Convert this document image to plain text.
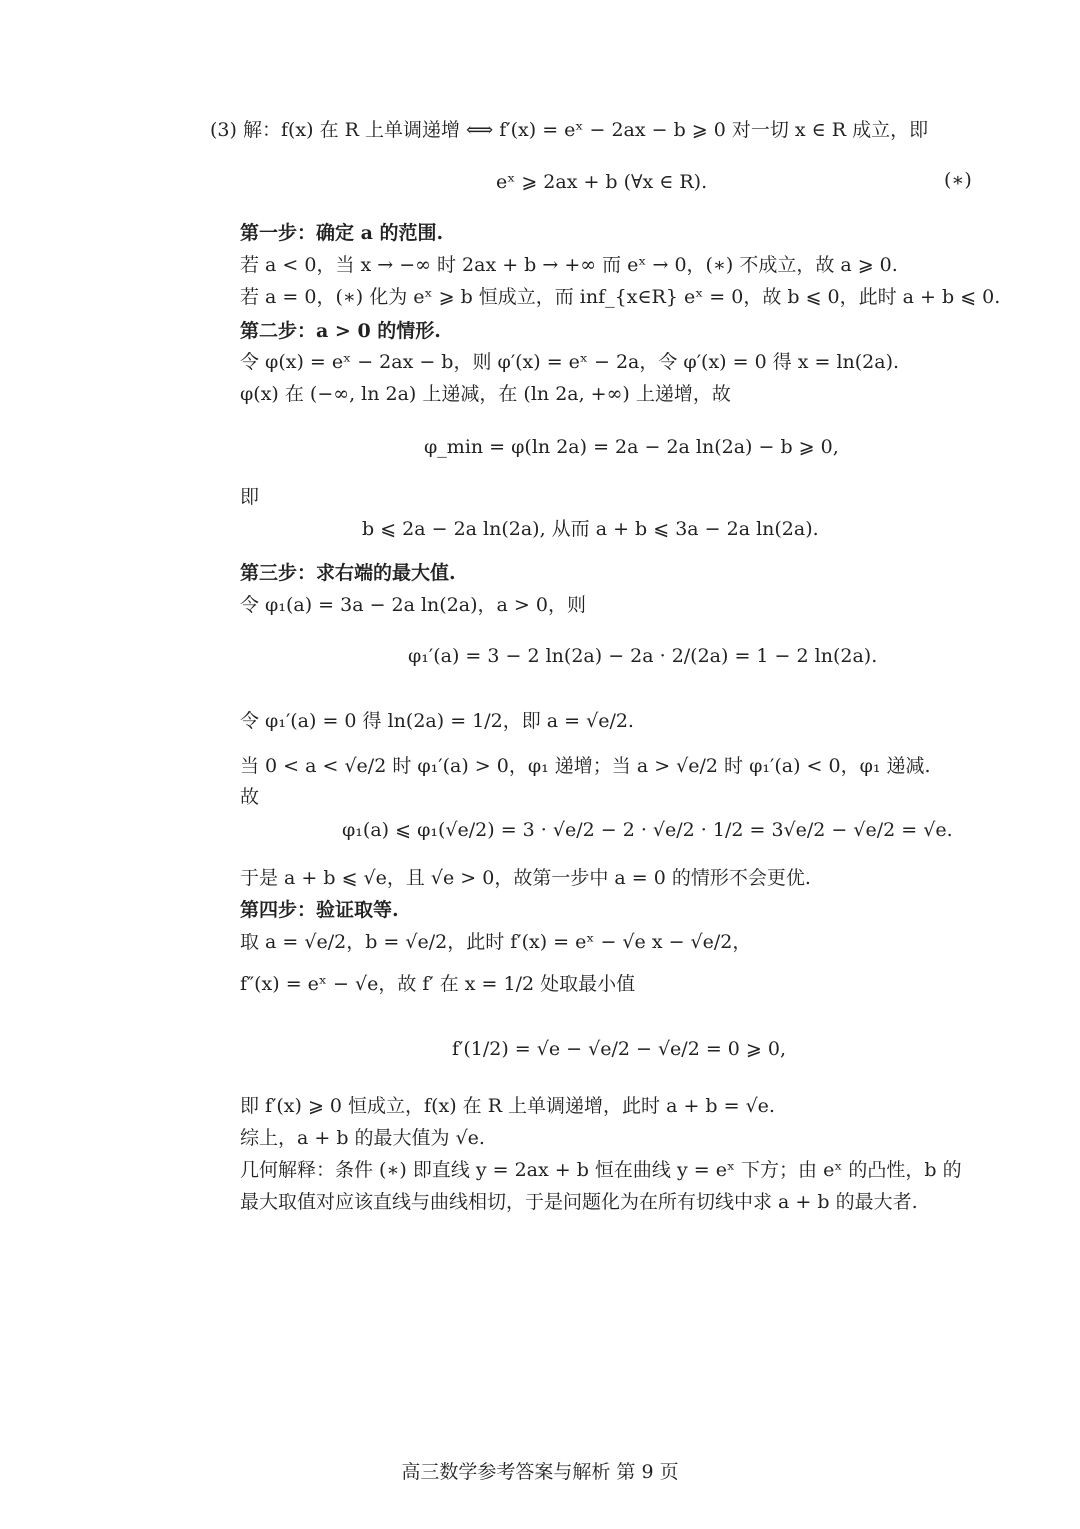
(3) 解：f(x) 在 R 上单调递增 ⟺ f′(x) = eˣ − 2ax − b ⩾ 0 对一切 x ∈ R 成立，即
eˣ ⩾ 2ax + b (∀x ∈ R).	(∗)
第一步：确定 a 的范围.
若 a < 0，当 x → −∞ 时 2ax + b → +∞ 而 eˣ → 0，(∗) 不成立，故 a ⩾ 0.
若 a = 0，(∗) 化为 eˣ ⩾ b 恒成立，而 inf_{x∈R} eˣ = 0，故 b ⩽ 0，此时 a + b ⩽ 0.
第二步：a > 0 的情形.
令 φ(x) = eˣ − 2ax − b，则 φ′(x) = eˣ − 2a，令 φ′(x) = 0 得 x = ln(2a).
φ(x) 在 (−∞, ln 2a) 上递减，在 (ln 2a, +∞) 上递增，故
φ_min = φ(ln 2a) = 2a − 2a ln(2a) − b ⩾ 0,
即
b ⩽ 2a − 2a ln(2a), 从而 a + b ⩽ 3a − 2a ln(2a).
第三步：求右端的最大值.
令 φ₁(a) = 3a − 2a ln(2a)，a > 0，则
φ₁′(a) = 3 − 2 ln(2a) − 2a · 2/(2a) = 1 − 2 ln(2a).
令 φ₁′(a) = 0 得 ln(2a) = 1/2，即 a = √e/2.
当 0 < a < √e/2 时 φ₁′(a) > 0，φ₁ 递增；当 a > √e/2 时 φ₁′(a) < 0，φ₁ 递减.
故
φ₁(a) ⩽ φ₁(√e/2) = 3 · √e/2 − 2 · √e/2 · 1/2 = 3√e/2 − √e/2 = √e.
于是 a + b ⩽ √e，且 √e > 0，故第一步中 a = 0 的情形不会更优.
第四步：验证取等.
取 a = √e/2，b = √e/2，此时 f′(x) = eˣ − √e x − √e/2，
f″(x) = eˣ − √e，故 f′ 在 x = 1/2 处取最小值
f′(1/2) = √e − √e/2 − √e/2 = 0 ⩾ 0,
即 f′(x) ⩾ 0 恒成立，f(x) 在 R 上单调递增，此时 a + b = √e.
综上，a + b 的最大值为 √e.
几何解释：条件 (∗) 即直线 y = 2ax + b 恒在曲线 y = eˣ 下方；由 eˣ 的凸性，b 的
最大取值对应该直线与曲线相切，于是问题化为在所有切线中求 a + b 的最大者.
高三数学参考答案与解析 第 9 页
